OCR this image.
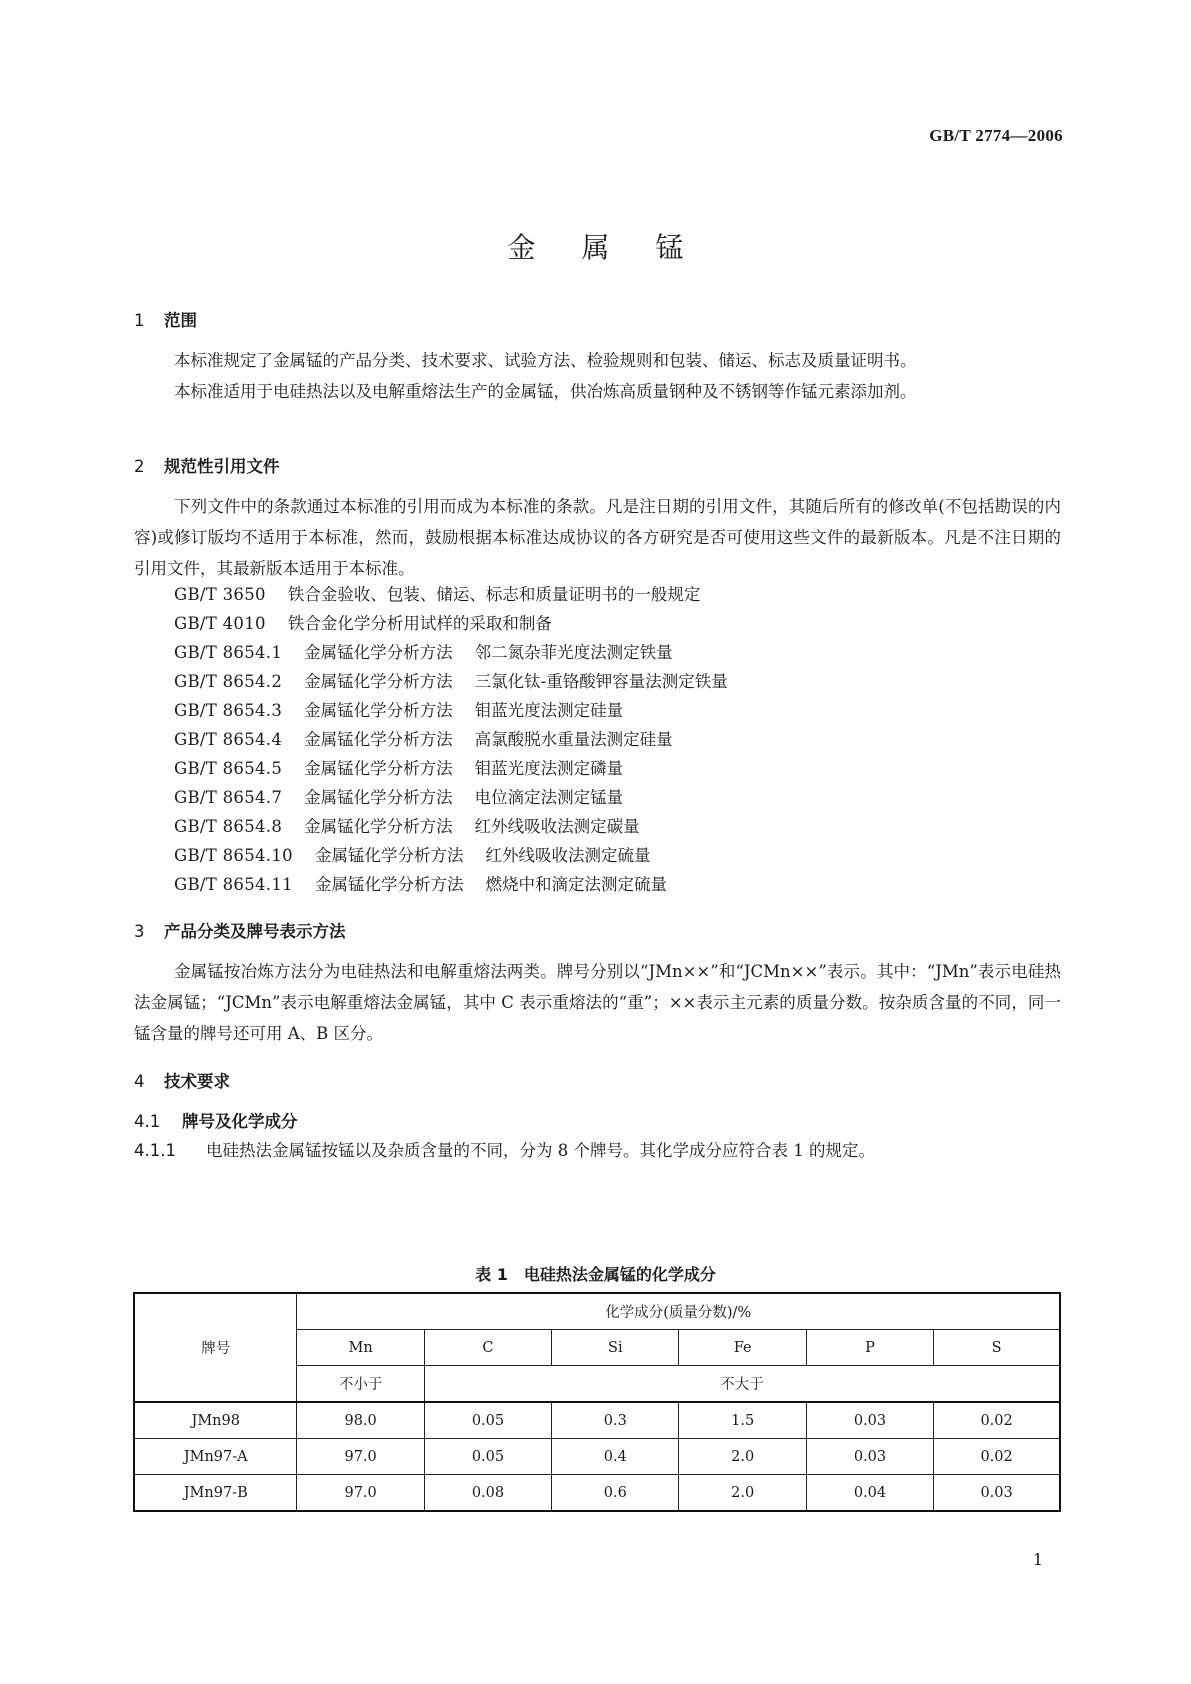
GB/T 2774—2006
金属锰
1 范围
本标准规定了金属锰的产品分类、技术要求、试验方法、检验规则和包装、储运、标志及质量证明书。
本标准适用于电硅热法以及电解重熔法生产的金属锰，供冶炼高质量钢种及不锈钢等作锰元素添加剂。
2 规范性引用文件
下列文件中的条款通过本标准的引用而成为本标准的条款。凡是注日期的引用文件，其随后所有的修改单(不包括勘误的内容)或修订版均不适用于本标准，然而，鼓励根据本标准达成协议的各方研究是否可使用这些文件的最新版本。凡是不注日期的引用文件，其最新版本适用于本标准。
GB/T 3650 铁合金验收、包装、储运、标志和质量证明书的一般规定
GB/T 4010 铁合金化学分析用试样的采取和制备
GB/T 8654.1 金属锰化学分析方法 邻二氮杂菲光度法测定铁量
GB/T 8654.2 金属锰化学分析方法 三氯化钛-重铬酸钾容量法测定铁量
GB/T 8654.3 金属锰化学分析方法 钼蓝光度法测定硅量
GB/T 8654.4 金属锰化学分析方法 高氯酸脱水重量法测定硅量
GB/T 8654.5 金属锰化学分析方法 钼蓝光度法测定磷量
GB/T 8654.7 金属锰化学分析方法 电位滴定法测定锰量
GB/T 8654.8 金属锰化学分析方法 红外线吸收法测定碳量
GB/T 8654.10 金属锰化学分析方法 红外线吸收法测定硫量
GB/T 8654.11 金属锰化学分析方法 燃烧中和滴定法测定硫量
3 产品分类及牌号表示方法
金属锰按冶炼方法分为电硅热法和电解重熔法两类。牌号分别以“JMn××”和“JCMn××”表示。其中：“JMn”表示电硅热法金属锰；“JCMn”表示电解重熔法金属锰，其中 C 表示重熔法的“重”；××表示主元素的质量分数。按杂质含量的不同，同一锰含量的牌号还可用 A、B 区分。
4 技术要求
4.1 牌号及化学成分
4.1.1 电硅热法金属锰按锰以及杂质含量的不同，分为 8 个牌号。其化学成分应符合表 1 的规定。
表 1　电硅热法金属锰的化学成分
牌号	化学成分(质量分数)/%					
	Mn	C	Si	Fe	P	S
	不小于	不大于				
JMn98	98.0	0.05	0.3	1.5	0.03	0.02
JMn97-A	97.0	0.05	0.4	2.0	0.03	0.02
JMn97-B	97.0	0.08	0.6	2.0	0.04	0.03
1
